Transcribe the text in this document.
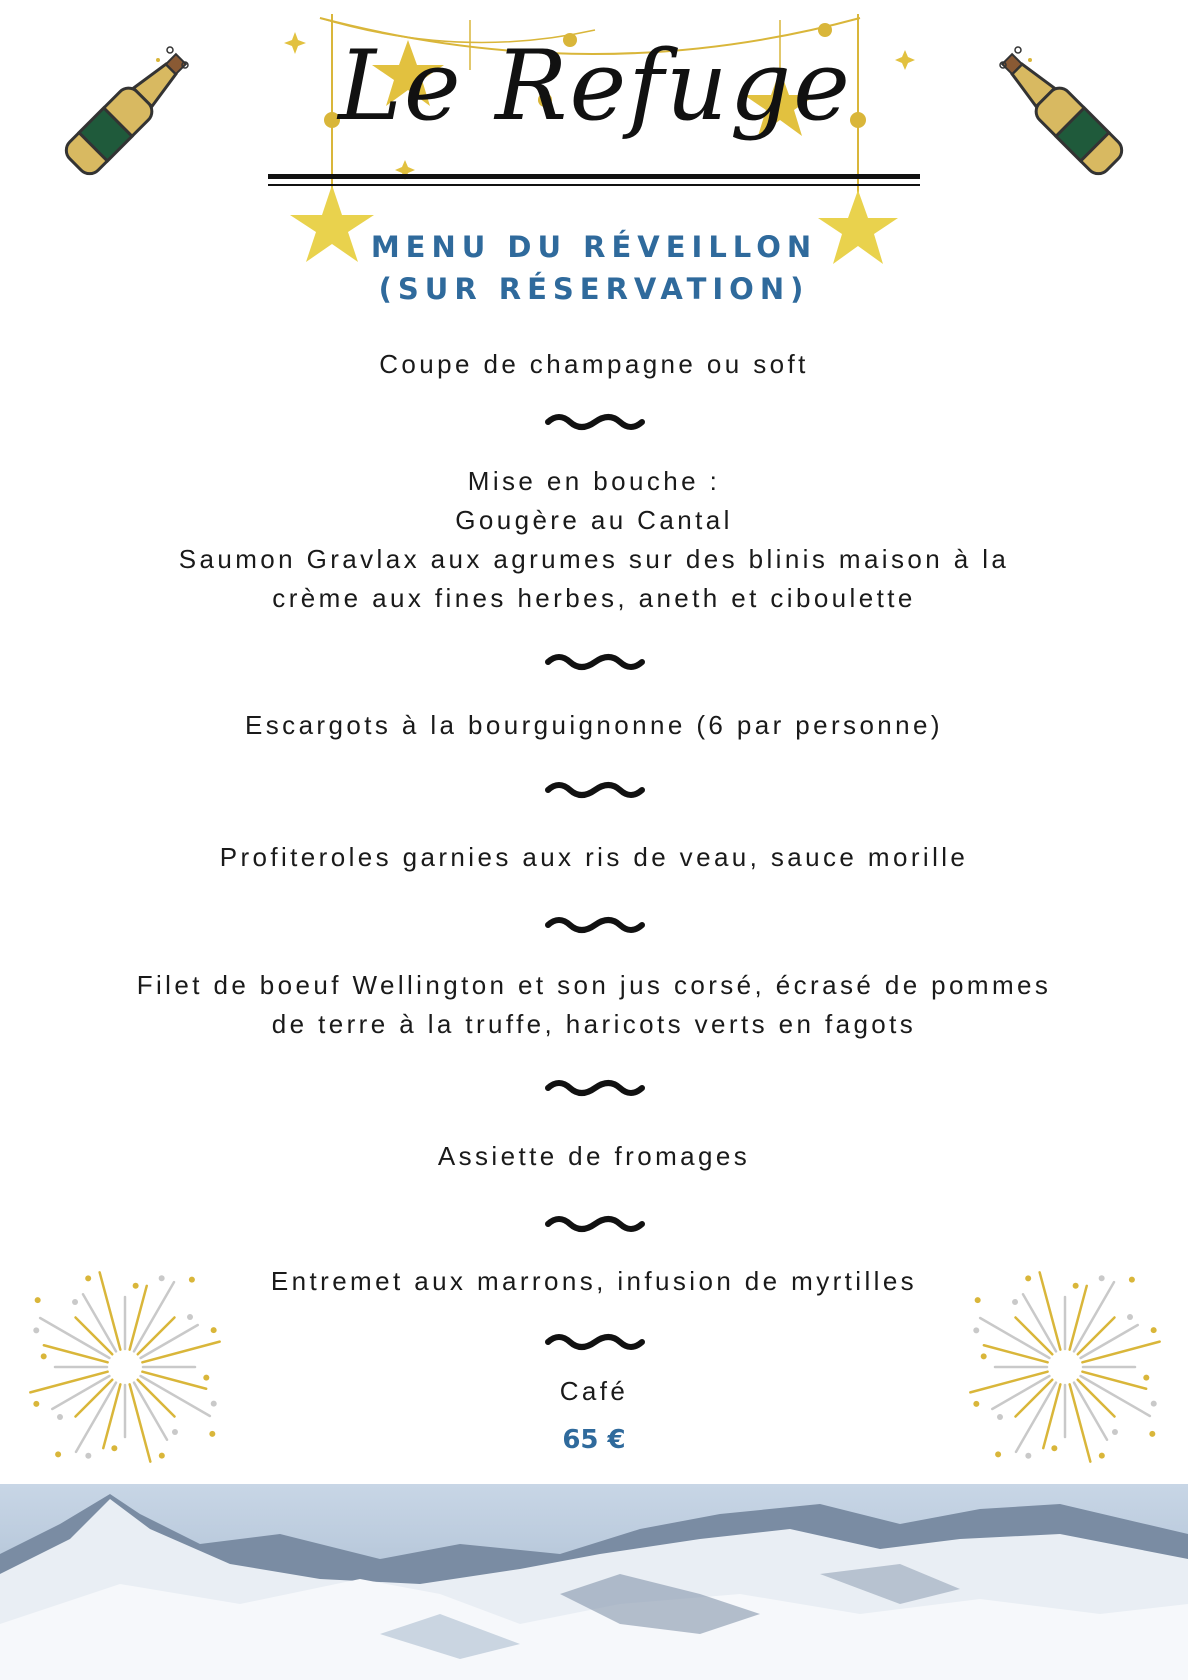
Le Refuge
MENU DU RÉVEILLON
(SUR RÉSERVATION)
Coupe de champagne ou soft
Mise en bouche :
Gougère au Cantal
Saumon Gravlax aux agrumes sur des blinis maison à la
crème aux fines herbes, aneth et ciboulette
Escargots à la bourguignonne (6 par personne)
Profiteroles garnies aux ris de veau, sauce morille
Filet de boeuf Wellington et son jus corsé, écrasé de pommes
de terre à la truffe, haricots verts en fagots
Assiette de fromages
Entremet aux marrons, infusion de myrtilles
Café
65 €
